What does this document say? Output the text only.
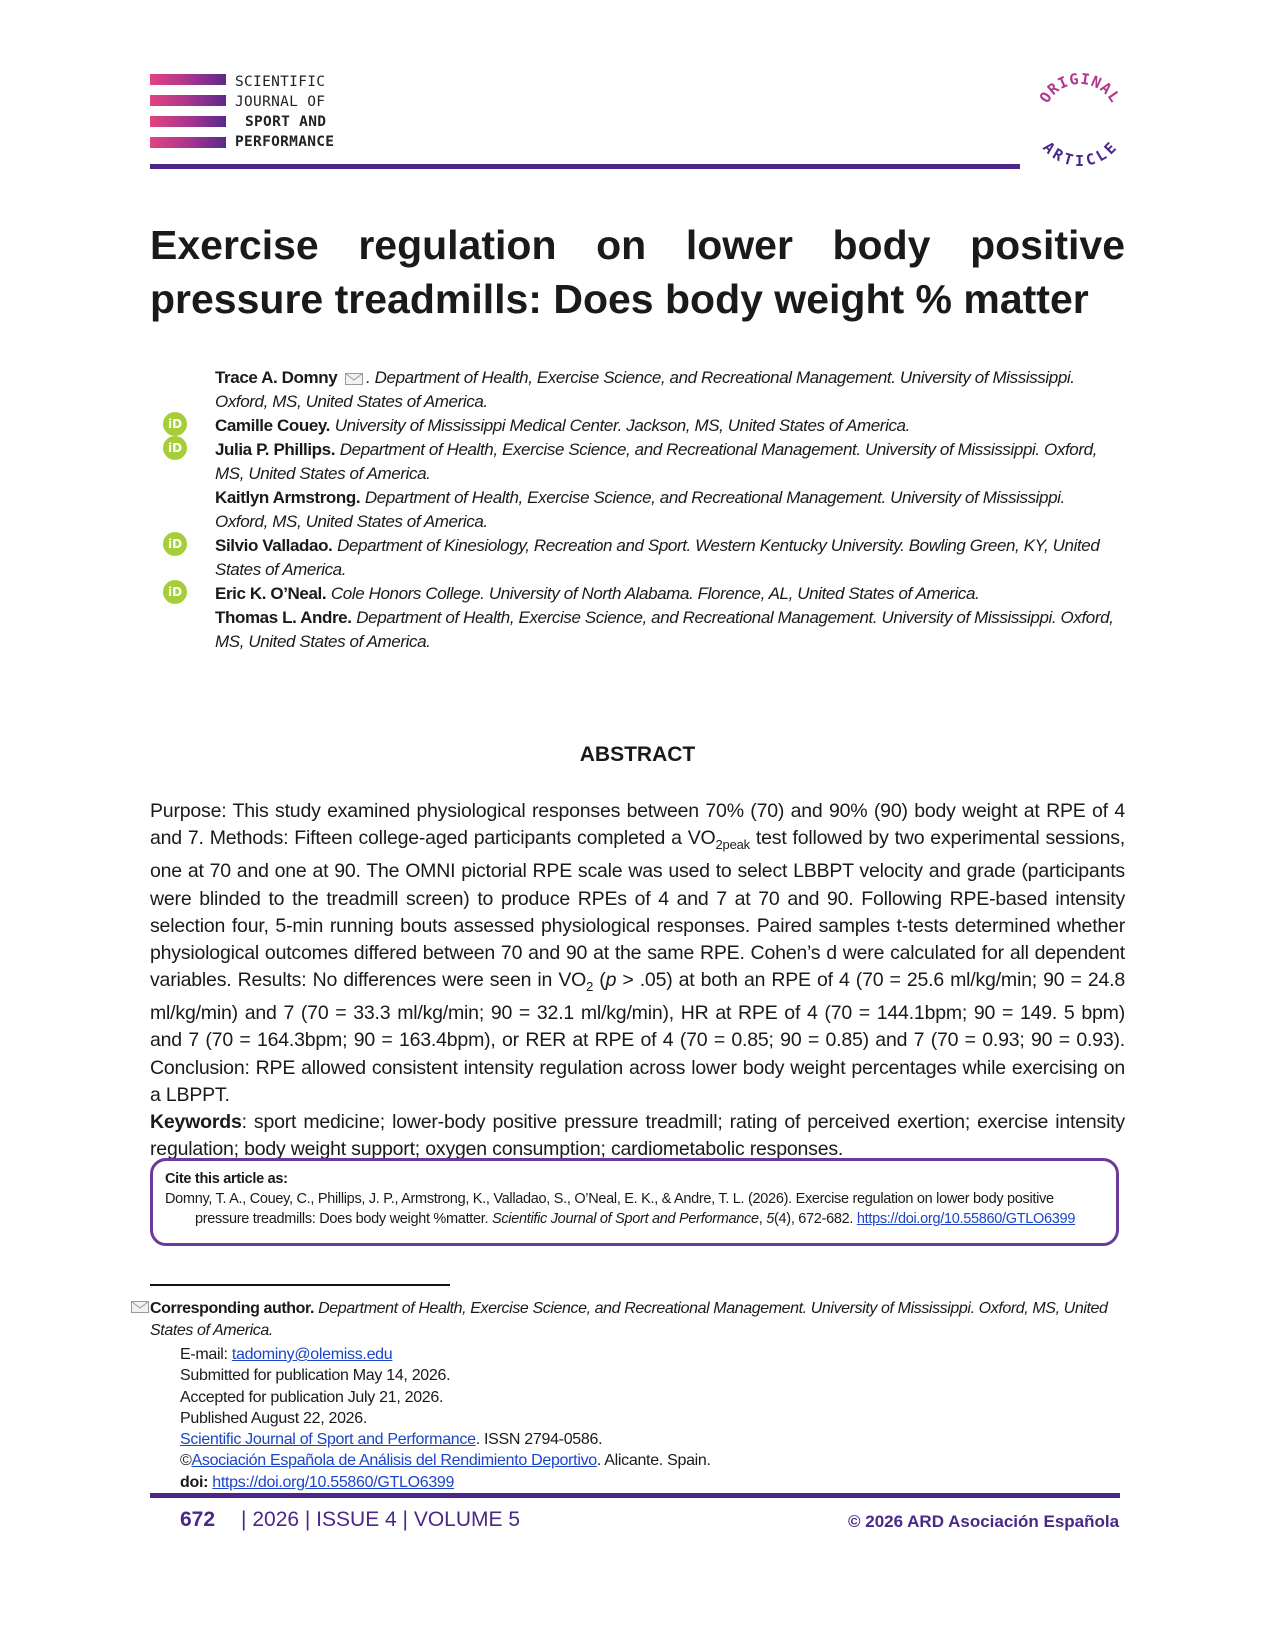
SCIENTIFIC
JOURNAL OF
SPORT AND
PERFORMANCE
ORIGINAL
ARTICLE
Exercise regulation on lower body positive pressure treadmills: Does body weight % matter
iD
iD
iD
iD

Trace A. Domny . Department of Health, Exercise Science, and Recreational Management. University of Mississippi. Oxford, MS, United States of America.

Camille Couey. University of Mississippi Medical Center. Jackson, MS, United States of America.

Julia P. Phillips. Department of Health, Exercise Science, and Recreational Management. University of Mississippi. Oxford, MS, United States of America.

Kaitlyn Armstrong. Department of Health, Exercise Science, and Recreational Management. University of Mississippi. Oxford, MS, United States of America.

Silvio Valladao. Department of Kinesiology, Recreation and Sport. Western Kentucky University. Bowling Green, KY, United States of America.

Eric K. O’Neal. Cole Honors College. University of North Alabama. Florence, AL, United States of America.

Thomas L. Andre. Department of Health, Exercise Science, and Recreational Management. University of Mississippi. Oxford, MS, United States of America.

ABSTRACT
Purpose: This study examined physiological responses between 70% (70) and 90% (90) body weight at RPE of 4 and 7. Methods: Fifteen college-aged participants completed a $VO_{2peak}$ test followed by two experimental sessions, one at 70 and one at 90. The OMNI pictorial RPE scale was used to select LBBPT velocity and grade (participants were blinded to the treadmill screen) to produce RPEs of 4 and 7 at 70 and 90. Following RPE-based intensity selection four, 5-min running bouts assessed physiological responses. Paired samples t-tests determined whether physiological outcomes differed between 70 and 90 at the same RPE. Cohen’s d were calculated for all dependent variables. Results: No differences were seen in $VO_2$ (p > .05) at both an RPE of 4 (70 = 25.6 ml/kg/min; 90 = 24.8 ml/kg/min) and 7 (70 = 33.3 ml/kg/min; 90 = 32.1 ml/kg/min), HR at RPE of 4 (70 = 144.1bpm; 90 = 149. 5 bpm) and 7 (70 = 164.3bpm; 90 = 163.4bpm), or RER at RPE of 4 (70 = 0.85; 90 = 0.85) and 7 (70 = 0.93; 90 = 0.93). Conclusion: RPE allowed consistent intensity regulation across lower body weight percentages while exercising on a LBPPT.
Keywords: sport medicine; lower-body positive pressure treadmill; rating of perceived exertion; exercise intensity regulation; body weight support; oxygen consumption; cardiometabolic responses.
Cite this article as:
Domny, T. A., Couey, C., Phillips, J. P., Armstrong, K., Valladao, S., O’Neal, E. K., & Andre, T. L. (2026). Exercise regulation on lower body positive pressure treadmills: Does body weight %matter. Scientific Journal of Sport and Performance, 5(4), 672-682. https://doi.org/10.55860/GTLO6399
Corresponding author. Department of Health, Exercise Science, and Recreational Management. University of Mississippi. Oxford, MS, United States of America.
E-mail: tadominy@olemiss.edu
Submitted for publication May 14, 2026.
Accepted for publication July 21, 2026.
Published August 22, 2026.
Scientific Journal of Sport and Performance. ISSN 2794-0586.
©Asociación Española de Análisis del Rendimiento Deportivo. Alicante. Spain.
doi: https://doi.org/10.55860/GTLO6399
672 | 2026 | ISSUE 4 | VOLUME 5	© 2026 ARD Asociación Española
